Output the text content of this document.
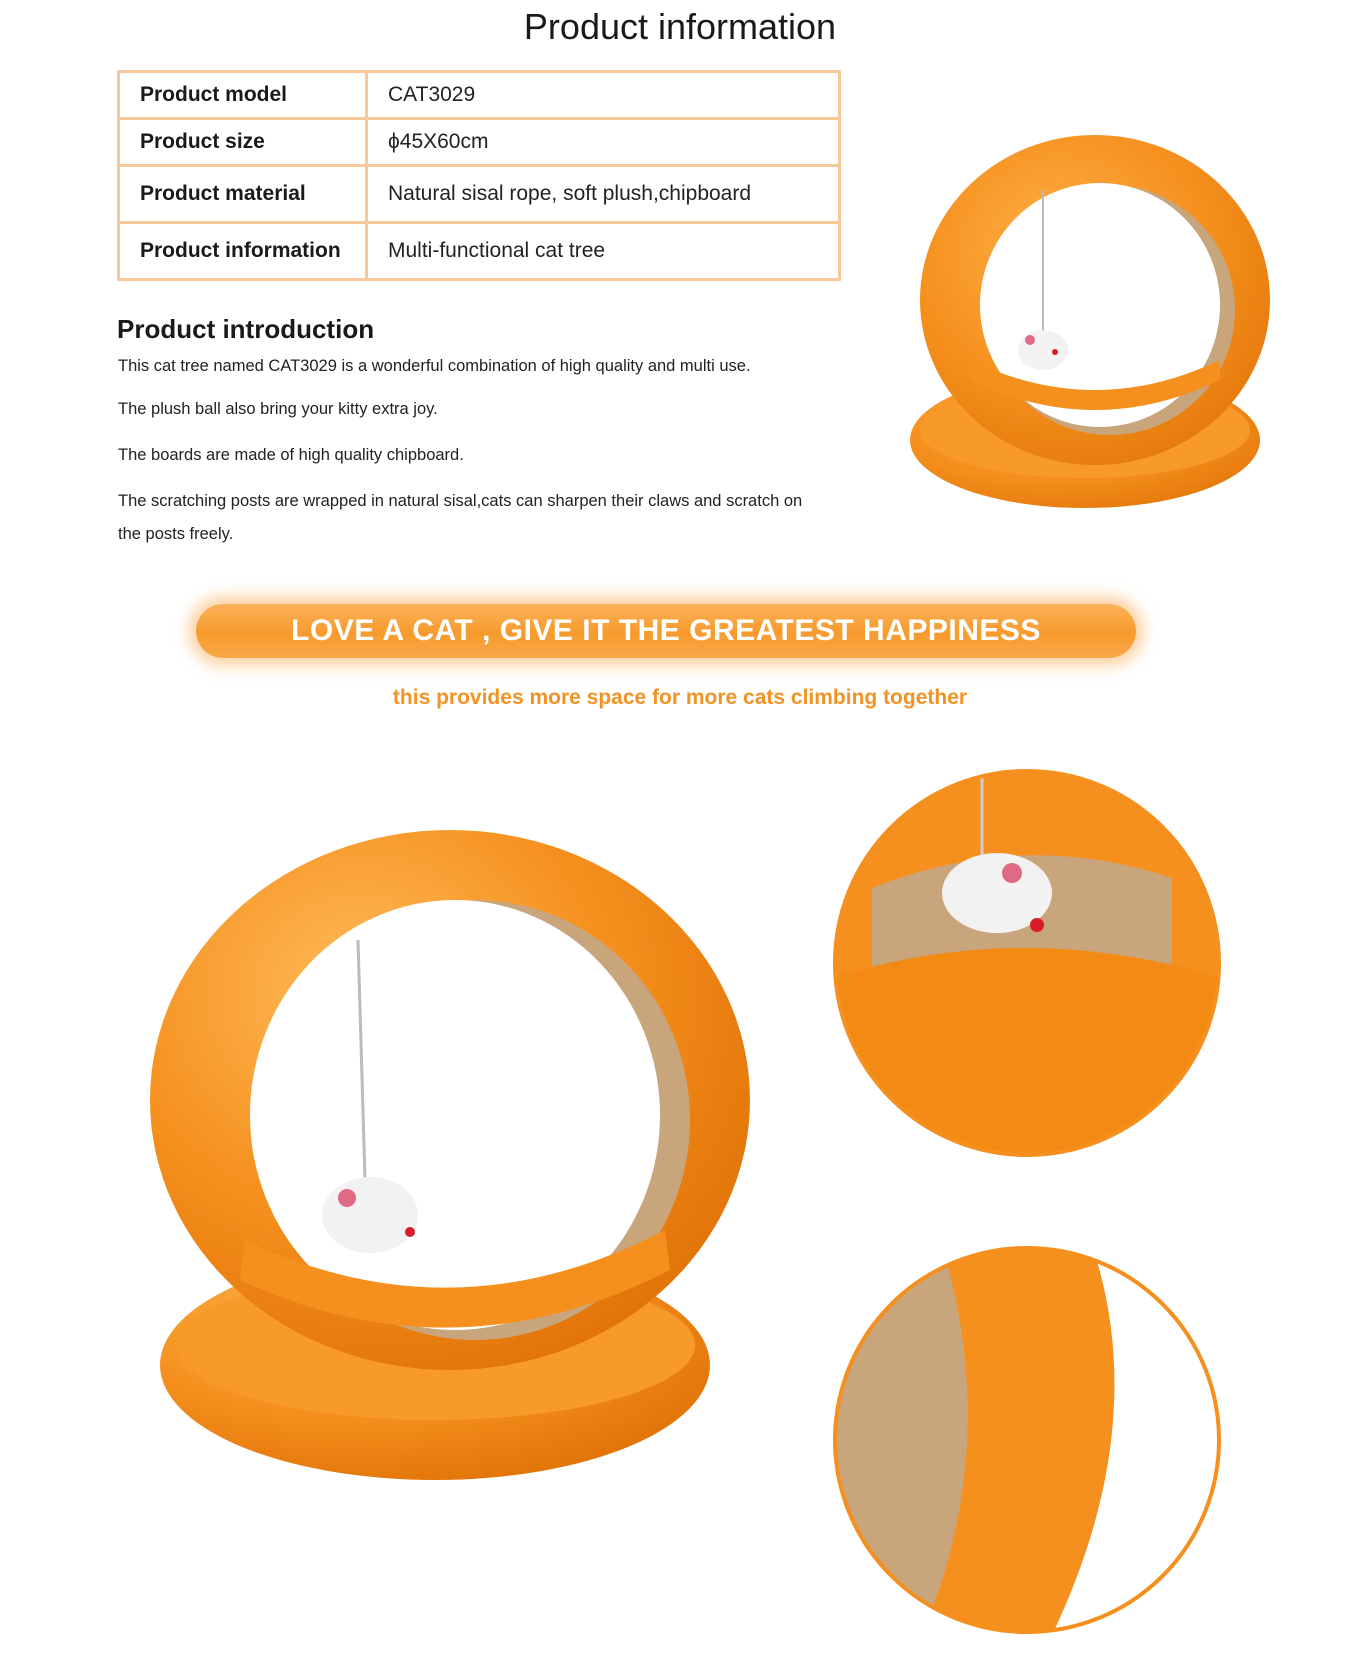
Product information
Product model	CAT3029
Product size	ϕ45X60cm
Product material	Natural sisal rope, soft plush,chipboard
Product information	Multi-functional cat tree
Product introduction
This cat tree named CAT3029 is a wonderful combination of high quality and multi use.
The plush ball also bring your kitty extra joy.
The boards are made of high quality chipboard.
The scratching posts are wrapped in natural sisal,cats can sharpen their claws and scratch on
the posts freely.
LOVE A CAT , GIVE IT THE GREATEST HAPPINESS
this provides more space for more cats climbing together
